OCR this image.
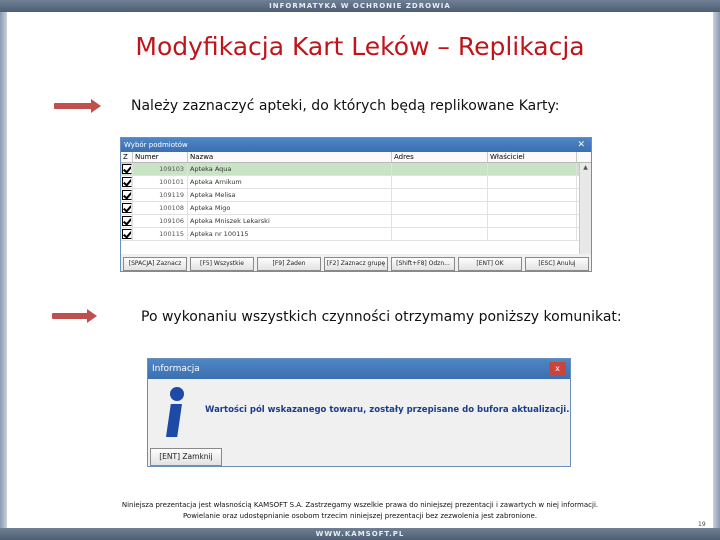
INFORMATYKA W OCHRONIE ZDROWIA
Modyfikacja Kart Leków – Replikacja
Należy zaznaczyć apteki, do których będą replikowane Karty:
Wybór podmiotów	✕
Z	Numer	Nazwa	Adres	Właściciel
109103 Apteka Aqua
100101 Apteka Arnikum
109119 Apteka Melisa
100108 Apteka Migo
109106 Apteka Mniszek Lekarski
100115 Apteka nr 100115
▲
[SPACJA] Zaznacz	[F5] Wszystkie	[F9] Żaden	[F2] Zaznacz grupę	[Shift+F8] Odzn...	[ENT] OK	[ESC] Anuluj
Po wykonaniu wszystkich czynności otrzymamy poniższy komunikat:
Informacja	x
Wartości pól wskazanego towaru, zostały przepisane do bufora aktualizacji.
[ENT] Zamknij
Niniejsza prezentacja jest własnością KAMSOFT S.A. Zastrzegamy wszelkie prawa do niniejszej prezentacji i zawartych w niej informacji.
Powielanie oraz udostępnianie osobom trzecim niniejszej prezentacji bez zezwolenia jest zabronione.
19
WWW.KAMSOFT.PL
